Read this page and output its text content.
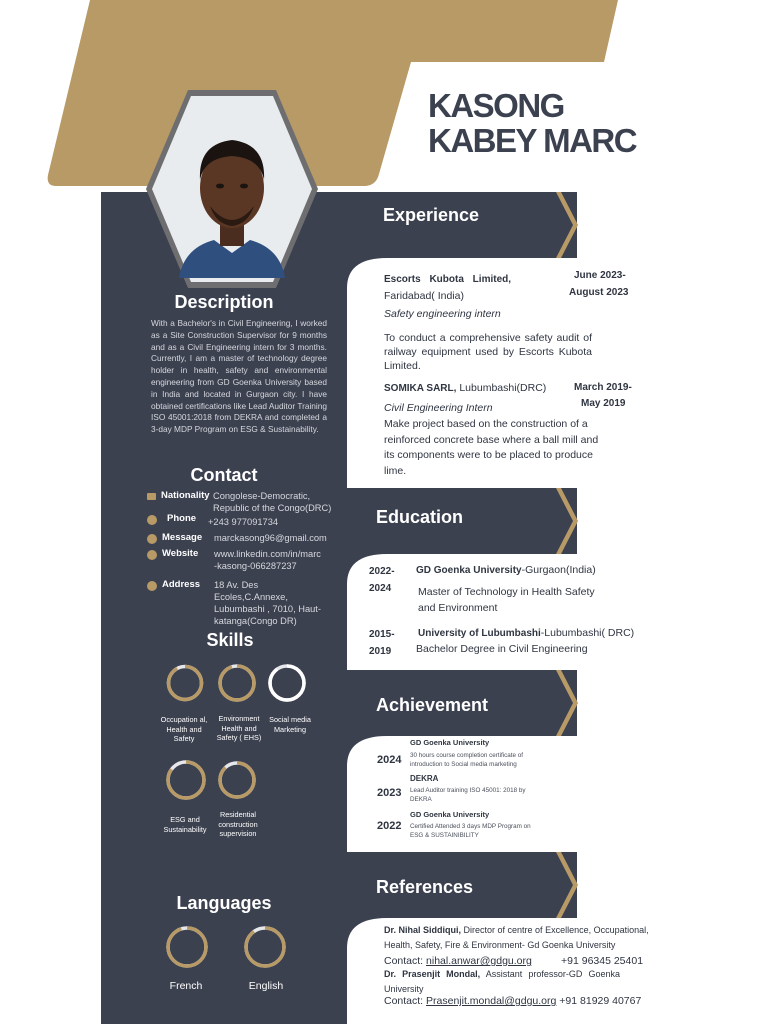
KASONG
KABEY MARC
Description
With a Bachelor's in Civil Engineering, I worked as a Site Construction Supervisor for 9 months and as a Civil Engineering intern for 3 months. Currently, I am a master of technology degree holder in health, safety and environmental engineering from GD Goenka University based in India and located in Gurgaon city. I have obtained certifications like Lead Auditor Training ISO 45001:2018 from DEKRA and completed a 3-day MDP Program on ESG & Sustainability.
Contact
Nationality Congolese-Democratic, Republic of the Congo(DRC)
Phone	+243 977091734
Message	marckasong96@gmail.com
Website	www.linkedin.com/in/marc-kasong-066287237
Address	18 Av. Des Ecoles,C.Annexe, Lubumbashi , 7010, Haut-katanga(Congo DR)
Skills
Occupation al, Health and Safety
Environment Health and Safety ( EHS)
Social media Marketing
ESG and Sustainability
Residential construction supervision
Languages
French	English
Experience
Escorts Kubota Limited,
Faridabad( India)
Safety engineering intern
June 2023-
August 2023
To conduct a comprehensive safety audit of railway equipment used by Escorts Kubota Limited.
SOMIKA SARL, Lubumbashi(DRC)
Civil Engineering Intern
March 2019-
May 2019
Make project based on the construction of a reinforced concrete base where a ball mill and its components were to be placed to produce lime.
Education
2022-
2024
GD Goenka University-Gurgaon(India)
Master of Technology in Health Safety and Environment
2015-
2019
University of Lubumbashi-Lubumbashi( DRC)
Bachelor Degree in Civil Engineering
Achievement
GD Goenka University
2024 30 hours course completion certificate of introduction to Social media marketing
DEKRA
2023 Lead Auditor training ISO 45001: 2018 by DEKRA
GD Goenka University
2022 Certified Attended 3 days MDP Program on ESG & SUSTAINIBILITY
References
Dr. Nihal Siddiqui, Director of centre of Excellence, Occupational, Health, Safety, Fire & Environment- Gd Goenka University
Contact: nihal.anwar@gdgu.org	+91 96345 25401
Dr. Prasenjit Mondal, Assistant professor-GD Goenka University
Contact: Prasenjit.mondal@gdgu.org +91 81929 40767
